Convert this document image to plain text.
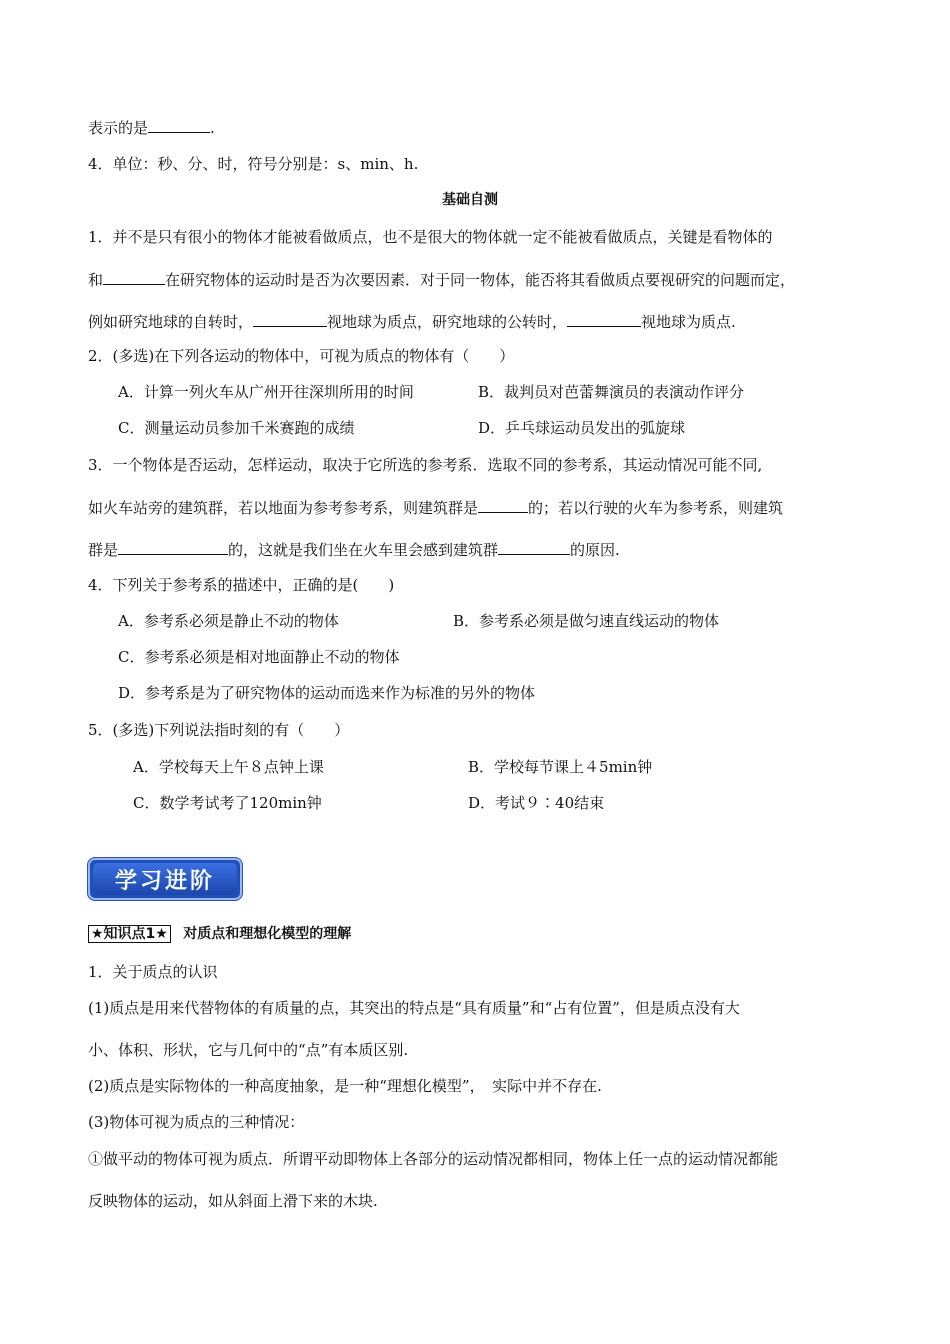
表示的是	.
4．单位：秒、分、时，符号分别是：s、min、h.
基础自测
1．并不是只有很小的物体才能被看做质点，也不是很大的物体就一定不能被看做质点，关键是看物体的
和	在研究物体的运动时是否为次要因素．对于同一物体，能否将其看做质点要视研究的问题而定，
例如研究地球的自转时，	视地球为质点，研究地球的公转时，	视地球为质点.
2．(多选)在下列各运动的物体中，可视为质点的物体有（　　）
A．计算一列火车从广州开往深圳所用的时间	B．裁判员对芭蕾舞演员的表演动作评分
C．测量运动员参加千米赛跑的成绩	D．乒乓球运动员发出的弧旋球
3．一个物体是否运动，怎样运动，取决于它所选的参考系．选取不同的参考系，其运动情况可能不同,
如火车站旁的建筑群，若以地面为参考参考系，则建筑群是	的；若以行驶的火车为参考系，则建筑
群是	的，这就是我们坐在火车里会感到建筑群	的原因.
4．下列关于参考系的描述中，正确的是(　　)
A．参考系必须是静止不动的物体	B．参考系必须是做匀速直线运动的物体
C．参考系必须是相对地面静止不动的物体
D．参考系是为了研究物体的运动而选来作为标准的另外的物体
5．(多选)下列说法指时刻的有（　　）
A．学校每天上午８点钟上课	B．学校每节课上４5min钟
C．数学考试考了120min钟	D．考试９∶40结束
学习进阶
★知识点1★ 对质点和理想化模型的理解
1．关于质点的认识
(1)质点是用来代替物体的有质量的点，其突出的特点是“具有质量”和“占有位置”，但是质点没有大
小、体积、形状，它与几何中的“点”有本质区别.
(2)质点是实际物体的一种高度抽象，是一种“理想化模型”，　实际中并不存在.
(3)物体可视为质点的三种情况：
①做平动的物体可视为质点．所谓平动即物体上各部分的运动情况都相同，物体上任一点的运动情况都能
反映物体的运动，如从斜面上滑下来的木块.
